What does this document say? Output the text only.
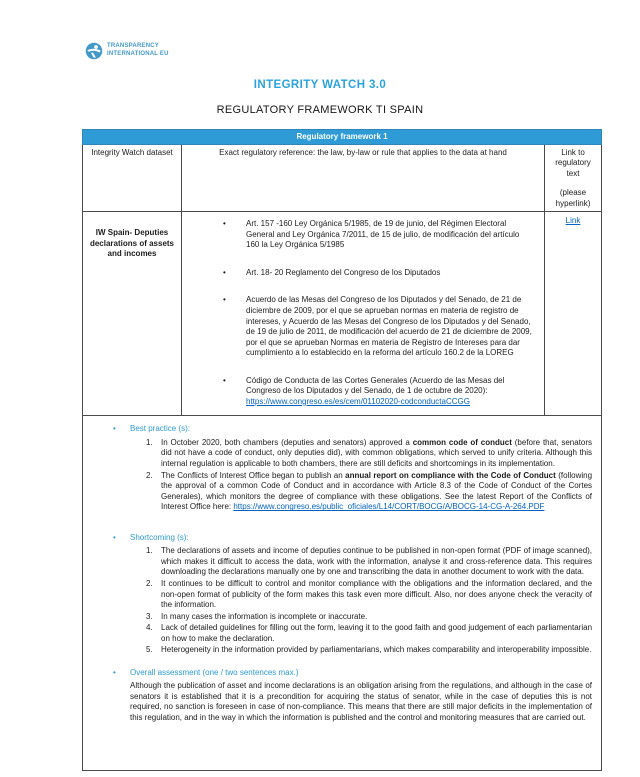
TRANSPARENCY
INTERNATIONAL EU
INTEGRITY WATCH 3.0
REGULATORY FRAMEWORK TI SPAIN
Regulatory framework 1		
Integrity Watch dataset	Exact regulatory reference: the law, by-law or rule that applies to the data at hand	Link to regulatory text
(please hyperlink)

IW Spain- Deputies declarations of assets and incomes	
•	Art. 157 -160 Ley Orgánica 5/1985, de 19 de junio, del Régimen Electoral General and Ley Orgánica 7/2011, de 15 de julio, de modificación del artículo 160 la Ley Orgánica 5/1985
•	Art. 18- 20 Reglamento del Congreso de los Diputados
•	Acuerdo de las Mesas del Congreso de los Diputados y del Senado, de 21 de diciembre de 2009, por el que se aprueban normas en materia de registro de intereses, y Acuerdo de las Mesas del Congreso de los Diputados y del Senado, de 19 de julio de 2011, de modificación del acuerdo de 21 de diciembre de 2009, por el que se aprueban Normas en materia de Registro de Intereses para dar cumplimiento a lo establecido en la reforma del artículo 160.2 de la LOREG
•	Código de Conducta de las Cortes Generales (Acuerdo de las Mesas del Congreso de los Diputados y del Senado, de 1 de octubre de 2020):
https://www.congreso.es/es/cem/01102020-codconductaCCGG
	Link

•	Best practice (s):
1.	In October 2020, both chambers (deputies and senators) approved a common code of conduct (before that, senators did not have a code of conduct, only deputies did), with common obligations, which served to unify criteria. Although this internal regulation is applicable to both chambers, there are still deficits and shortcomings in its implementation.
2.	The Conflicts of Interest Office began to publish an annual report on compliance with the Code of Conduct (following the approval of a common Code of Conduct and in accordance with Article 8.3 of the Code of Conduct of the Cortes Generales), which monitors the degree of compliance with these obligations. See the latest Report of the Conflicts of Interest Office here: https://www.congreso.es/public_oficiales/L14/CORT/BOCG/A/BOCG-14-CG-A-264.PDF
•	Shortcoming (s):
1.	The declarations of assets and income of deputies continue to be published in non-open format (PDF of image scanned), which makes it difficult to access the data, work with the information, analyse it and cross-reference data. This requires downloading the declarations manually one by one and transcribing the data in another document to work with the data.
2.	It continues to be difficult to control and monitor compliance with the obligations and the information declared, and the non-open format of publicity of the form makes this task even more difficult. Also, nor does anyone check the veracity of the information.
3.	In many cases the information is incomplete or inaccurate.
4.	Lack of detailed guidelines for filling out the form, leaving it to the good faith and good judgement of each parliamentarian on how to make the declaration.
5.	Heterogeneity in the information provided by parliamentarians, which makes comparability and interoperability impossible.
•	Overall assessment (one / two sentences max.)
Although the publication of asset and income declarations is an obligation arising from the regulations, and although in the case of senators it is established that it is a precondition for acquiring the status of senator, while in the case of deputies this is not required, no sanction is foreseen in case of non-compliance. This means that there are still major deficits in the implementation of this regulation, and in the way in which the information is published and the control and monitoring measures that are carried out.
